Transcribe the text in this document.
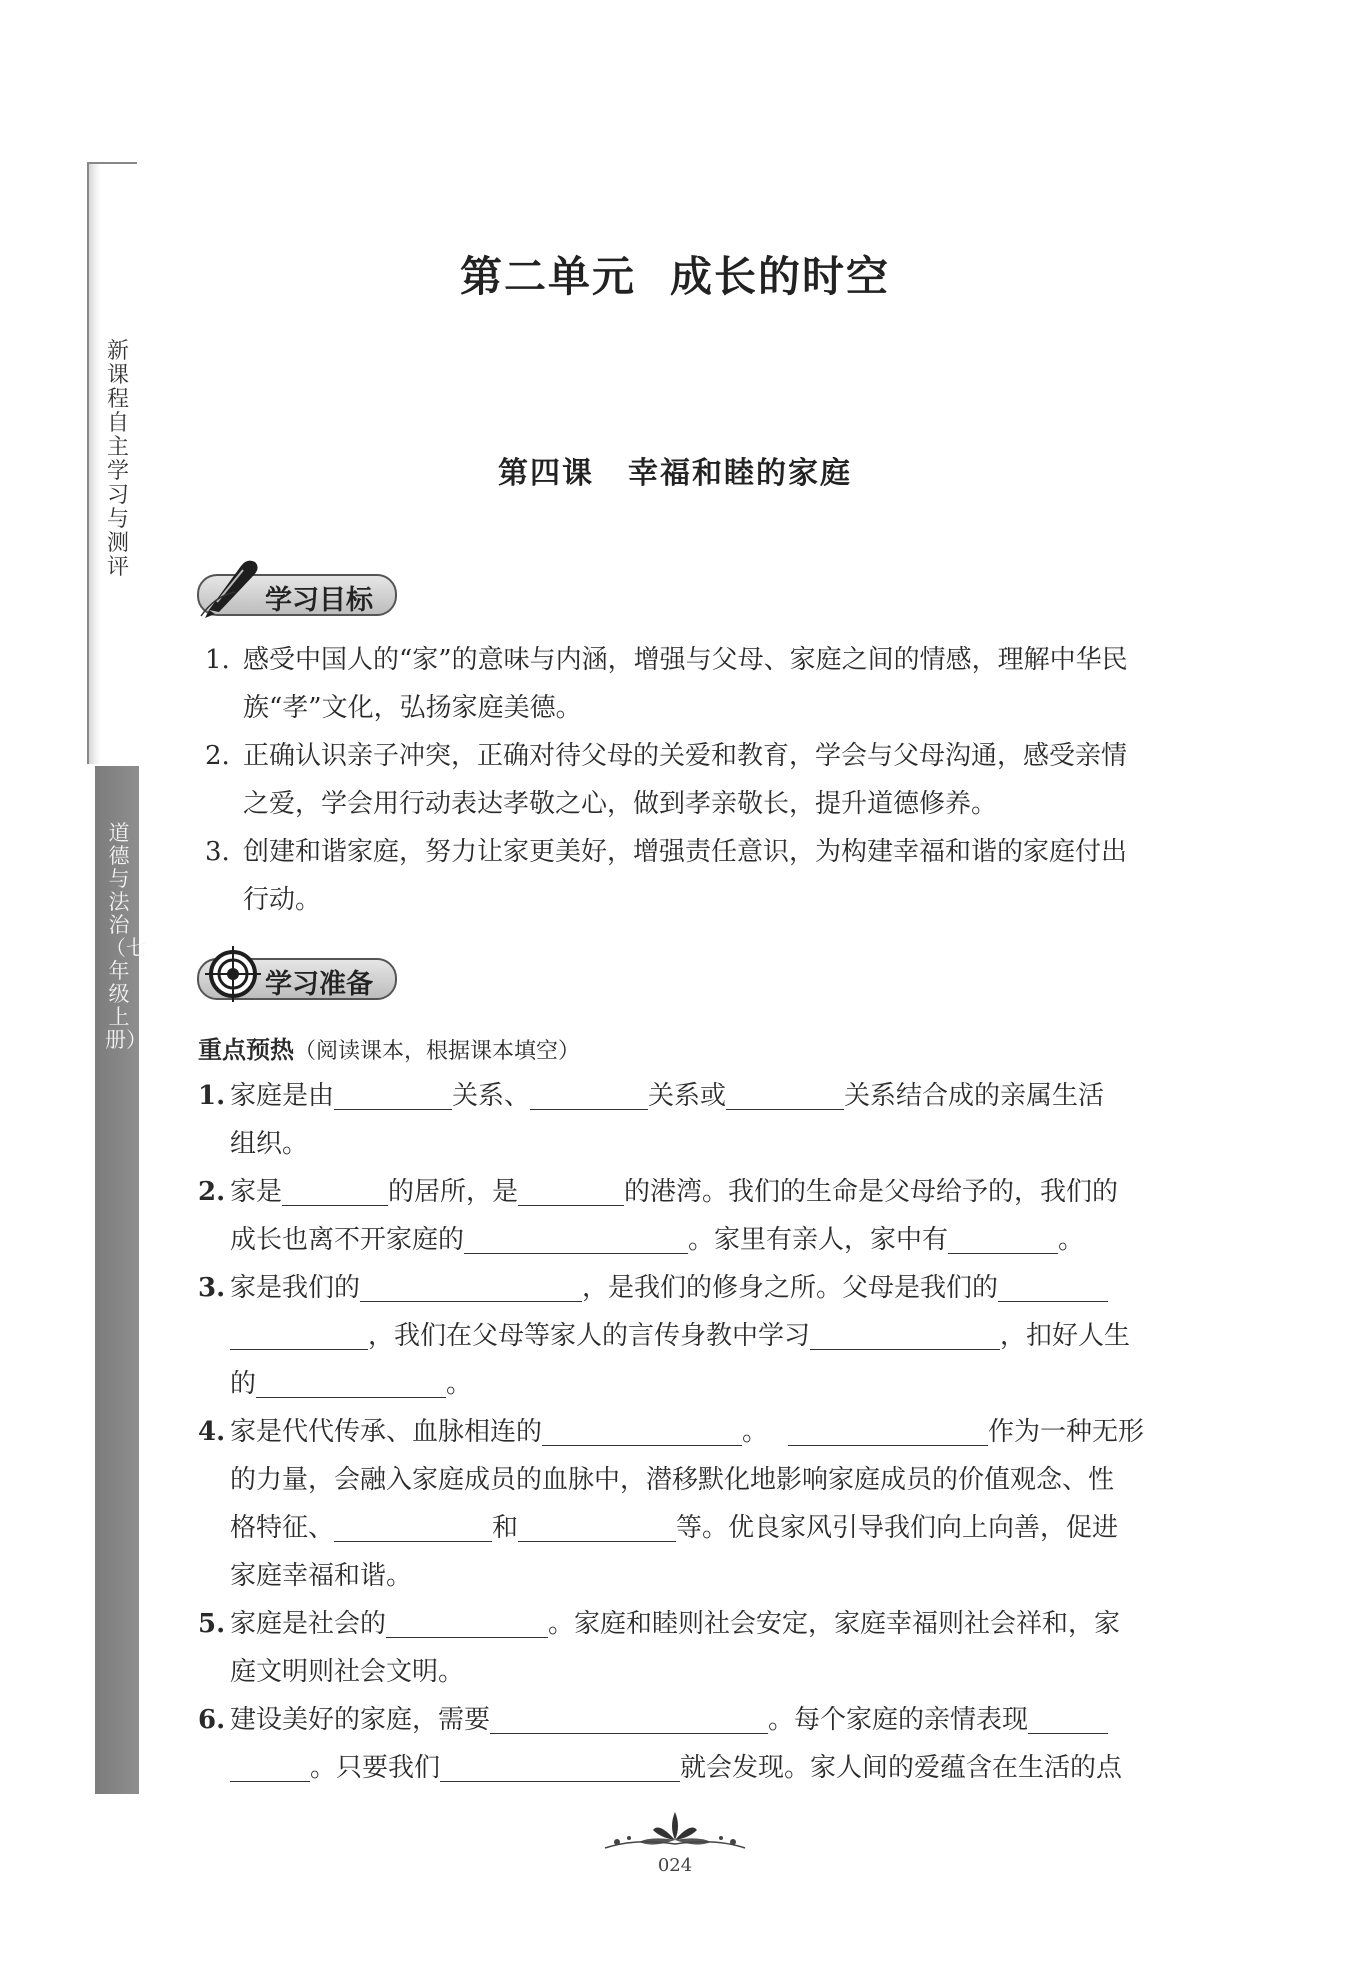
新课程自主学习与测评
道德与法治（七年级上册）
第二单元 成长的时空
第四课 幸福和睦的家庭
学习目标
1. 感受中国人的“家”的意味与内涵，增强与父母、家庭之间的情感，理解中华民
族“孝”文化，弘扬家庭美德。
2. 正确认识亲子冲突，正确对待父母的关爱和教育，学会与父母沟通，感受亲情
之爱，学会用行动表达孝敬之心，做到孝亲敬长，提升道德修养。
3. 创建和谐家庭，努力让家更美好，增强责任意识，为构建幸福和谐的家庭付出
行动。
学习准备
重点预热（阅读课本，根据课本填空）
1. 家庭是由	关系、	关系或	关系结合成的亲属生活
组织。
2. 家是	的居所，是	的港湾。我们的生命是父母给予的，我们的
成长也离不开家庭的	。家里有亲人，家中有	。
3. 家是我们的	，是我们的修身之所。父母是我们的
，我们在父母等家人的言传身教中学习	，扣好人生
的	。
4. 家是代代传承、血脉相连的	。	作为一种无形
的力量，会融入家庭成员的血脉中，潜移默化地影响家庭成员的价值观念、性
格特征、	和	等。优良家风引导我们向上向善，促进
家庭幸福和谐。
5. 家庭是社会的	。家庭和睦则社会安定，家庭幸福则社会祥和，家
庭文明则社会文明。
6. 建设美好的家庭，需要	。每个家庭的亲情表现
。只要我们	就会发现。家人间的爱蕴含在生活的点
024
